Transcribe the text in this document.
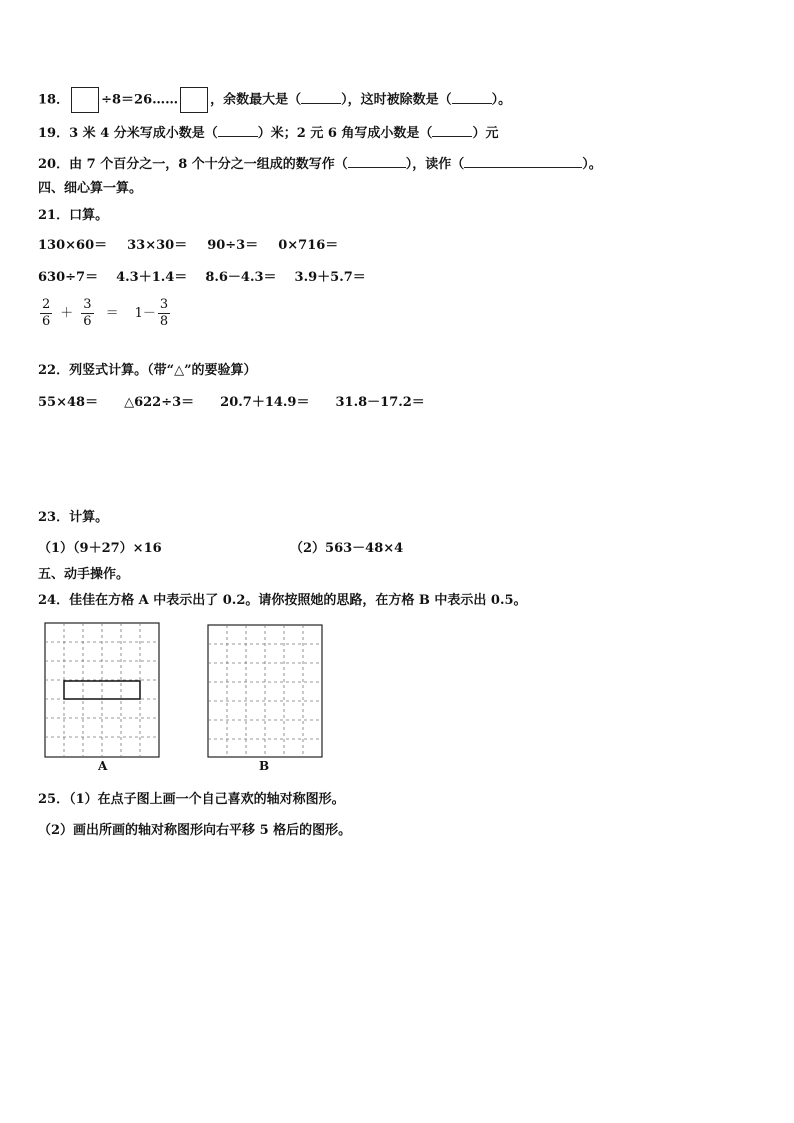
18． ÷8＝26…… ，余数最大是（	），这时被除数是（	）。
19．3 米 4 分米写成小数是（	）米；2 元 6 角写成小数是（	）元
20．由 7 个百分之一，8 个十分之一组成的数写作（	），读作（	）。
四、细心算一算。
21．口算。
130×60＝ 33×30＝ 90÷3＝ 0×716＝
630÷7＝ 4.3＋1.4＝ 8.6－4.3＝ 3.9＋5.7＝
$\frac{2}{6} + \frac{3}{6} = 1- \frac{3}{8}$
22．列竖式计算。（带“△”的要验算）
55×48＝ △622÷3＝ 20.7＋14.9＝ 31.8－17.2＝
23．计算。
（1）（9＋27）×16	（2）563－48×4
五、动手操作。
24．佳佳在方格 A 中表示出了 0.2。请你按照她的思路，在方格 B 中表示出 0.5。
A	B
25．（1）在点子图上画一个自己喜欢的轴对称图形。
（2）画出所画的轴对称图形向右平移 5 格后的图形。
